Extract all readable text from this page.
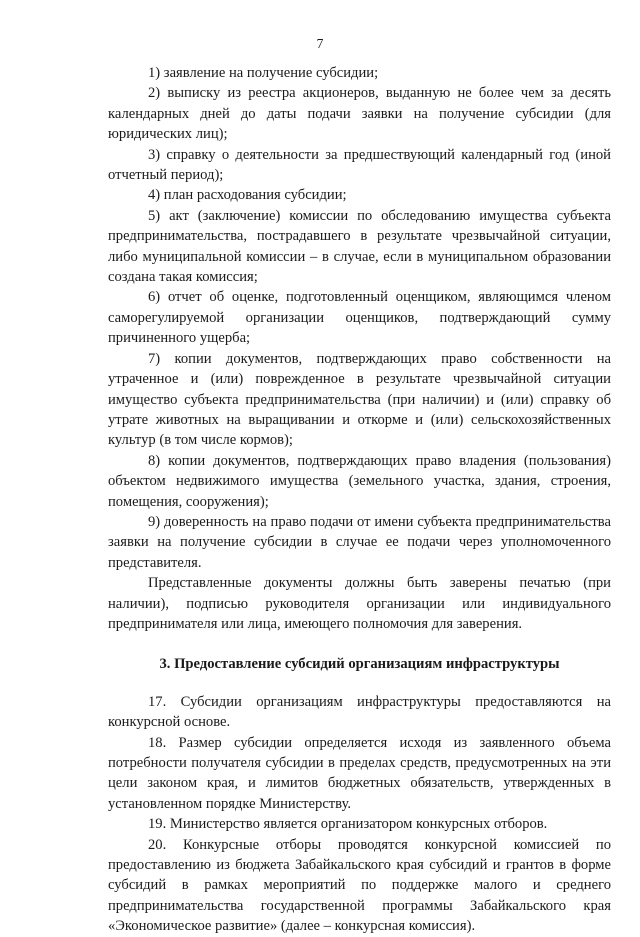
7

1) заявление на получение субсидии;

2) выписку из реестра акционеров, выданную не более чем за десять календарных дней до даты подачи заявки на получение субсидии (для юридических лиц);

3) справку о деятельности за предшествующий календарный год (иной отчетный период);

4) план расходования субсидии;

5) акт (заключение) комиссии по обследованию имущества субъекта предпринимательства, пострадавшего в результате чрезвычайной ситуации, либо муниципальной комиссии – в случае, если в муниципальном образовании создана такая комиссия;

6) отчет об оценке, подготовленный оценщиком, являющимся членом саморегулируемой организации оценщиков, подтверждающий сумму причиненного ущерба;

7) копии документов, подтверждающих право собственности на утраченное и (или) поврежденное в результате чрезвычайной ситуации имущество субъекта предпринимательства (при наличии) и (или) справку об утрате животных на выращивании и откорме и (или) сельскохозяйственных культур (в том числе кормов);

8) копии документов, подтверждающих право владения (пользования) объектом недвижимого имущества (земельного участка, здания, строения, помещения, сооружения);

9) доверенность на право подачи от имени субъекта предпринимательства заявки на получение субсидии в случае ее подачи через уполномоченного представителя.

Представленные документы должны быть заверены печатью (при наличии), подписью руководителя организации или индивидуального предпринимателя или лица, имеющего полномочия для заверения.

3. Предоставление субсидий организациям инфраструктуры

17. Субсидии организациям инфраструктуры предоставляются на конкурсной основе.

18. Размер субсидии определяется исходя из заявленного объема потребности получателя субсидии в пределах средств, предусмотренных на эти цели законом края, и лимитов бюджетных обязательств, утвержденных в установленном порядке Министерству.

19. Министерство является организатором конкурсных отборов.

20. Конкурсные отборы проводятся конкурсной комиссией по предоставлению из бюджета Забайкальского края субсидий и грантов в форме субсидий в рамках мероприятий по поддержке малого и среднего предпринимательства государственной программы Забайкальского края «Экономическое развитие» (далее – конкурсная комиссия).
